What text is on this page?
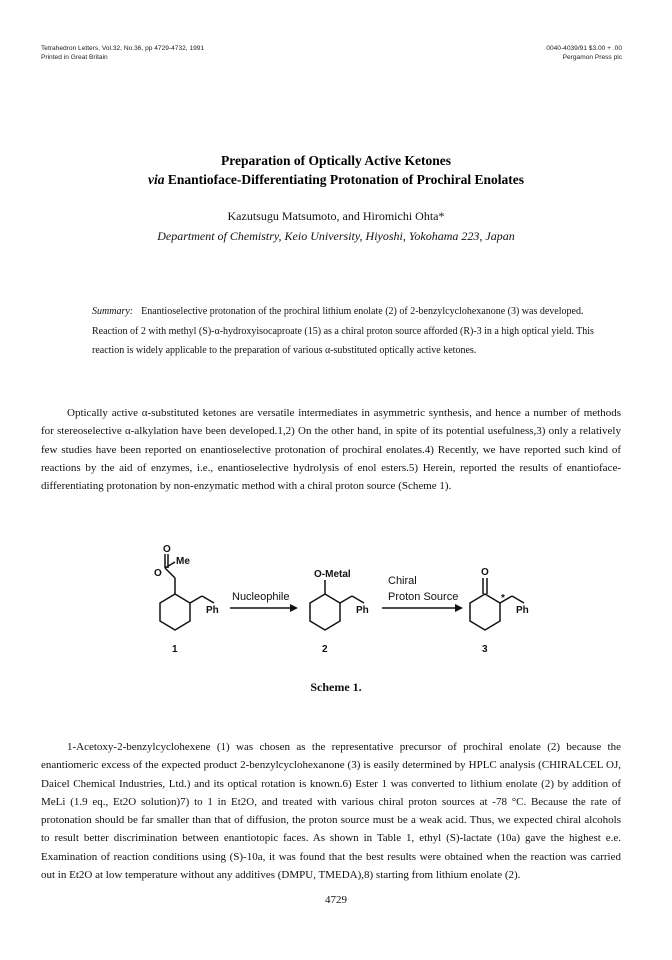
Tetrahedron Letters, Vol.32, No.36, pp 4729-4732, 1991
Printed in Great Britain
0040-4039/91 $3.00 + .00
Pergamon Press plc
Preparation of Optically Active Ketones
via Enantioface-Differentiating Protonation of Prochiral Enolates
Kazutsugu Matsumoto, and Hiromichi Ohta*
Department of Chemistry, Keio University, Hiyoshi, Yokohama 223, Japan
Summary: Enantioselective protonation of the prochiral lithium enolate (2) of 2-benzylcyclohexanone (3) was developed. Reaction of 2 with methyl (S)-α-hydroxyisocaproate (15) as a chiral proton source afforded (R)-3 in a high optical yield. This reaction is widely applicable to the preparation of various α-substituted optically active ketones.

Optically active α-substituted ketones are versatile intermediates in asymmetric synthesis, and hence a number of methods for stereoselective α-alkylation have been developed.1,2) On the other hand, in spite of its potential usefulness,3) only a relatively few studies have been reported on enantioselective protonation of prochiral enolates.4) Recently, we have reported such kind of reactions by the aid of enzymes, i.e., enantioselective hydrolysis of enol esters.5) Herein, reported the results of enantioface-differentiating protonation by non-enzymatic method with a chiral proton source (Scheme 1).

O
O
Me
Ph
1
Nucleophile
O-Metal
Ph
2
Chiral
Proton Source
O
*
Ph
3
Scheme 1.

1-Acetoxy-2-benzylcyclohexene (1) was chosen as the representative precursor of prochiral enolate (2) because the enantiomeric excess of the expected product 2-benzylcyclohexanone (3) is easily determined by HPLC analysis (CHIRALCEL OJ, Daicel Chemical Industries, Ltd.) and its optical rotation is known.6) Ester 1 was converted to lithium enolate (2) by addition of MeLi (1.9 eq., Et2O solution)7) to 1 in Et2O, and treated with various chiral proton sources at -78 °C. Because the rate of protonation should be far smaller than that of diffusion, the proton source must be a weak acid. Thus, we expected chiral alcohols to result better discrimination between enantiotopic faces. As shown in Table 1, ethyl (S)-lactate (10a) gave the highest e.e. Examination of reaction conditions using (S)-10a, it was found that the best results were obtained when the reaction was carried out in Et2O at low temperature without any additives (DMPU, TMEDA),8) starting from lithium enolate (2).

4729
